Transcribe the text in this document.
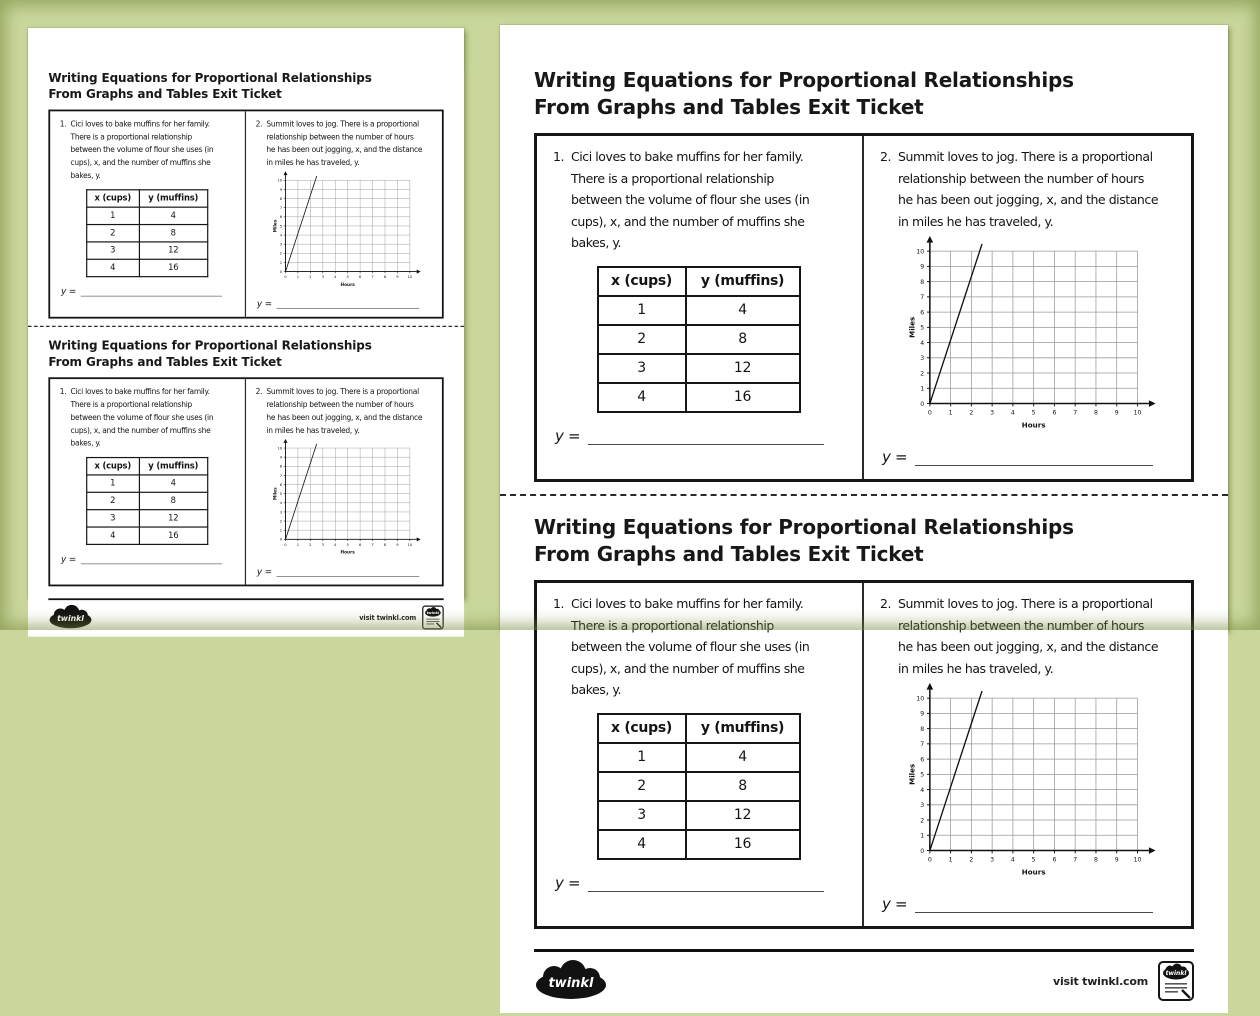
Writing Equations for Proportional Relationships
From Graphs and Tables Exit Ticket
1. Cici loves to bake muffins for her family.
There is a proportional relationship
between the volume of flour she uses (in
cups), x, and the number of muffins she
bakes, y.
x (cups)	y (muffins)
1	4
2	8
3	12
4	16
y =
2. Summit loves to jog. There is a proportional
relationship between the number of hours
he has been out jogging, x, and the distance
in miles he has traveled, y.
0 1 2 3 4 5 6 7 8 9 10
0
1
2
3
4
5
6
7
8
9
10
Hours
Miles
y =
Writing Equations for Proportional Relationships
From Graphs and Tables Exit Ticket
1. Cici loves to bake muffins for her family.
There is a proportional relationship
between the volume of flour she uses (in
cups), x, and the number of muffins she
bakes, y.
x (cups)	y (muffins)
1	4
2	8
3	12
4	16
y =
2. Summit loves to jog. There is a proportional
relationship between the number of hours
he has been out jogging, x, and the distance
in miles he has traveled, y.
0 1 2 3 4 5 6 7 8 9 10
0
1
2
3
4
5
6
7
8
9
10
Hours
Miles
y =
twinkl	visit twinkl.com
twinkl
Writing Equations for Proportional Relationships
From Graphs and Tables Exit Ticket
1. Cici loves to bake muffins for her family.
There is a proportional relationship
between the volume of flour she uses (in
cups), x, and the number of muffins she
bakes, y.
x (cups)	y (muffins)
1	4
2	8
3	12
4	16
y =
2. Summit loves to jog. There is a proportional
relationship between the number of hours
he has been out jogging, x, and the distance
in miles he has traveled, y.
0	1	2	3	4	5	6	7	8	9 10
0
1
2
3
4
5
6
7
8
9
10
Hours
Miles
y =
Writing Equations for Proportional Relationships
From Graphs and Tables Exit Ticket
1. Cici loves to bake muffins for her family.
There is a proportional relationship
between the volume of flour she uses (in
cups), x, and the number of muffins she
bakes, y.
x (cups)	y (muffins)
1	4
2	8
3	12
4	16
y =
2. Summit loves to jog. There is a proportional
relationship between the number of hours
he has been out jogging, x, and the distance
in miles he has traveled, y.
0	1	2	3	4	5	6	7	8	9 10
0
1
2
3
4
5
6
7
8
9
10
Hours
Miles
y =
twinkl	visit twinkl.com
twinkl
